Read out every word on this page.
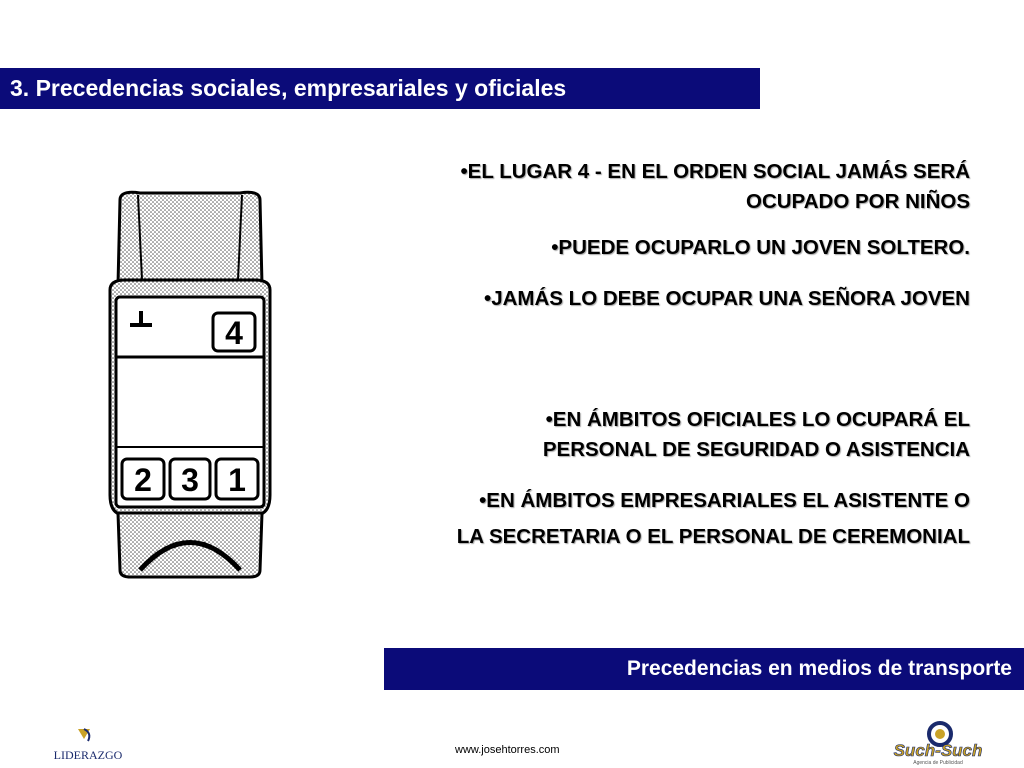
3. Precedencias sociales, empresariales y oficiales
4
2 3 1
•EL LUGAR 4 - EN EL ORDEN SOCIAL JAMÁS SERÁ
OCUPADO POR NIÑOS
•PUEDE OCUPARLO UN JOVEN SOLTERO.
•JAMÁS LO DEBE OCUPAR UNA SEÑORA JOVEN
•EN ÁMBITOS OFICIALES LO OCUPARÁ EL
PERSONAL DE SEGURIDAD O ASISTENCIA
•EN ÁMBITOS EMPRESARIALES EL ASISTENTE O
LA SECRETARIA O EL PERSONAL DE CEREMONIAL
Precedencias en medios de transporte
www.josehtorres.com
LIDERAZGO	Such-Such
Agencia de Publicidad
